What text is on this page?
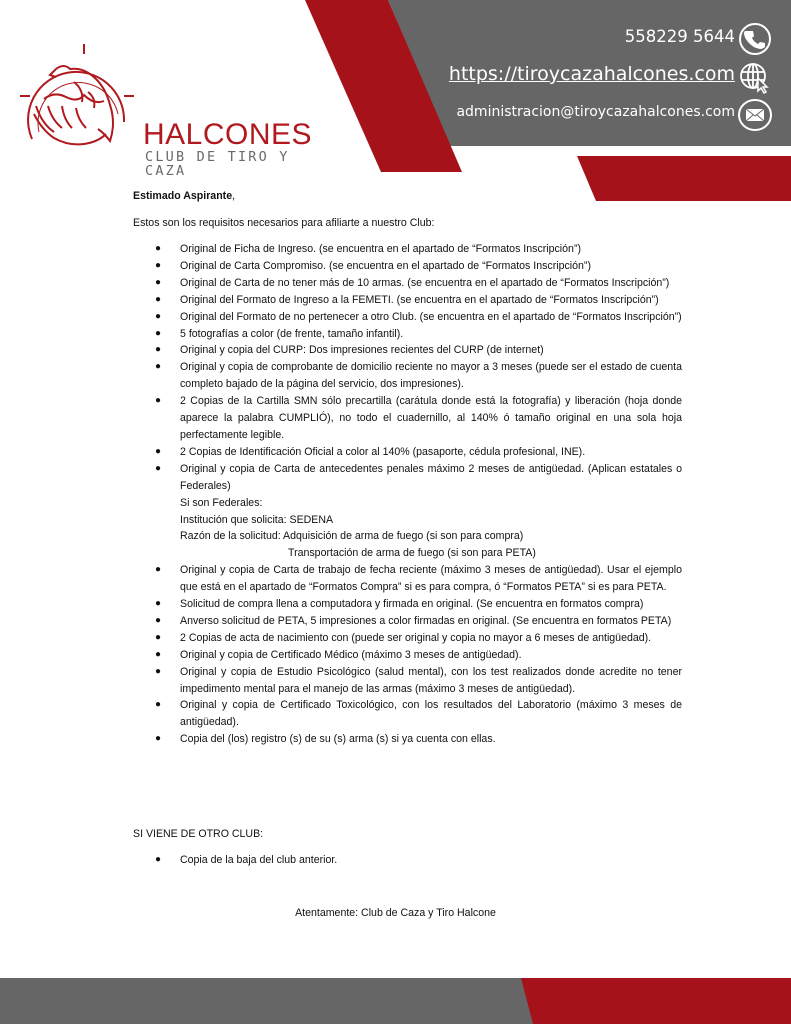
HALCONES
CLUB DE TIRO Y CAZA
558229 5644
https://tiroycazahalcones.com
administracion@tiroycazahalcones.com
Estimado Aspirante,
Estos son los requisitos necesarios para afiliarte a nuestro Club:
● Original de Ficha de Ingreso. (se encuentra en el apartado de “Formatos Inscripción”)
● Original de Carta Compromiso. (se encuentra en el apartado de “Formatos Inscripción”)
● Original de Carta de no tener más de 10 armas. (se encuentra en el apartado de “Formatos Inscripción”)
● Original del Formato de Ingreso a la FEMETI. (se encuentra en el apartado de “Formatos Inscripción”)
● Original del Formato de no pertenecer a otro Club. (se encuentra en el apartado de “Formatos Inscripción”)
● 5 fotografías a color (de frente, tamaño infantil).
● Original y copia del CURP: Dos impresiones recientes del CURP (de internet)
● Original y copia de comprobante de domicilio reciente no mayor a 3 meses (puede ser el estado de cuenta completo bajado de la página del servicio, dos impresiones).
● 2 Copias de la Cartilla SMN sólo precartilla (carátula donde está la fotografía) y liberación (hoja donde aparece la palabra CUMPLIÓ), no todo el cuadernillo, al 140% ó tamaño original en una sola hoja perfectamente legible.
● 2 Copias de Identificación Oficial a color al 140% (pasaporte, cédula profesional, INE).
● Original y copia de Carta de antecedentes penales máximo 2 meses de antigüedad. (Aplican estatales o Federales)
Si son Federales:
Institución que solicita: SEDENA
Razón de la solicitud: Adquisición de arma de fuego (si son para compra)
Transportación de arma de fuego (si son para PETA)
● Original y copia de Carta de trabajo de fecha reciente (máximo 3 meses de antigüedad). Usar el ejemplo que está en el apartado de “Formatos Compra” si es para compra, ó “Formatos PETA” si es para PETA.
● Solicitud de compra llena a computadora y firmada en original. (Se encuentra en formatos compra)
● Anverso solicitud de PETA, 5 impresiones a color firmadas en original. (Se encuentra en formatos PETA)
● 2 Copias de acta de nacimiento con (puede ser original y copia no mayor a 6 meses de antigüedad).
● Original y copia de Certificado Médico (máximo 3 meses de antigüedad).
● Original y copia de Estudio Psicológico (salud mental), con los test realizados donde acredite no tener impedimento mental para el manejo de las armas (máximo 3 meses de antigüedad).
● Original y copia de Certificado Toxicológico, con los resultados del Laboratorio (máximo 3 meses de antigüedad).
● Copia del (los) registro (s) de su (s) arma (s) si ya cuenta con ellas.
SI VIENE DE OTRO CLUB:
● Copia de la baja del club anterior.
Atentamente: Club de Caza y Tiro Halcone
